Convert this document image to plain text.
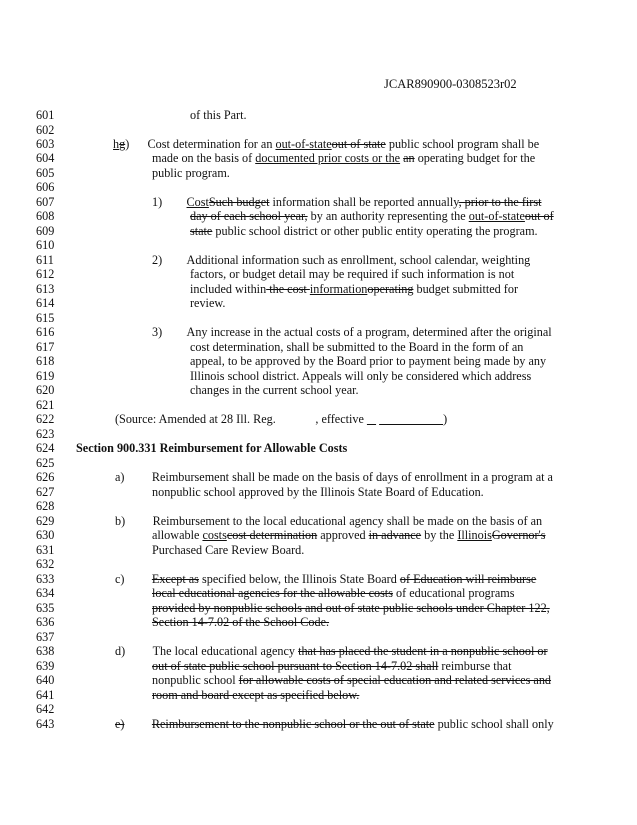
JCAR890900-0308523r02
601	of this Part.
602
603	hg)      Cost determination for an out-of-stateout of state public school program shall be
604	made on the basis of documented prior costs or the an operating budget for the
605	public program.
606
607	1)        CostSuch budget information shall be reported annually, prior to the first
608	day of each school year, by an authority representing the out-of-stateout of
609	state public school district or other public entity operating the program.
610
611	2)        Additional information such as enrollment, school calendar, weighting
612	factors, or budget detail may be required if such information is not
613	included within the cost informationoperating budget submitted for
614	review.
615
616	3)        Any increase in the actual costs of a program, determined after the original
617	cost determination, shall be submitted to the Board in the form of an
618	appeal, to be approved by the Board prior to payment being made by any
619	Illinois school district. Appeals will only be considered which address
620	changes in the current school year.
621
622	(Source: Amended at 28 Ill. Reg.             , effective	)
623
624	Section 900.331 Reimbursement for Allowable Costs
625
626	a)         Reimbursement shall be made on the basis of days of enrollment in a program at a
627	nonpublic school approved by the Illinois State Board of Education.
628
629	b)         Reimbursement to the local educational agency shall be made on the basis of an
630	allowable costscost determination approved in advance by the IllinoisGovernor's
631	Purchased Care Review Board.
632
633	c)         Except as specified below, the Illinois State Board of Education will reimburse
634	local educational agencies for the allowable costs of educational programs
635	provided by nonpublic schools and out of state public schools under Chapter 122,
636	Section 14-7.02 of the School Code.
637
638	d)         The local educational agency that has placed the student in a nonpublic school or
639	out of state public school pursuant to Section 14-7.02 shall reimburse that
640	nonpublic school for allowable costs of special education and related services and
641	room and board except as specified below.
642
643	e) Reimbursement to the nonpublic school or the out of state public school shall only
